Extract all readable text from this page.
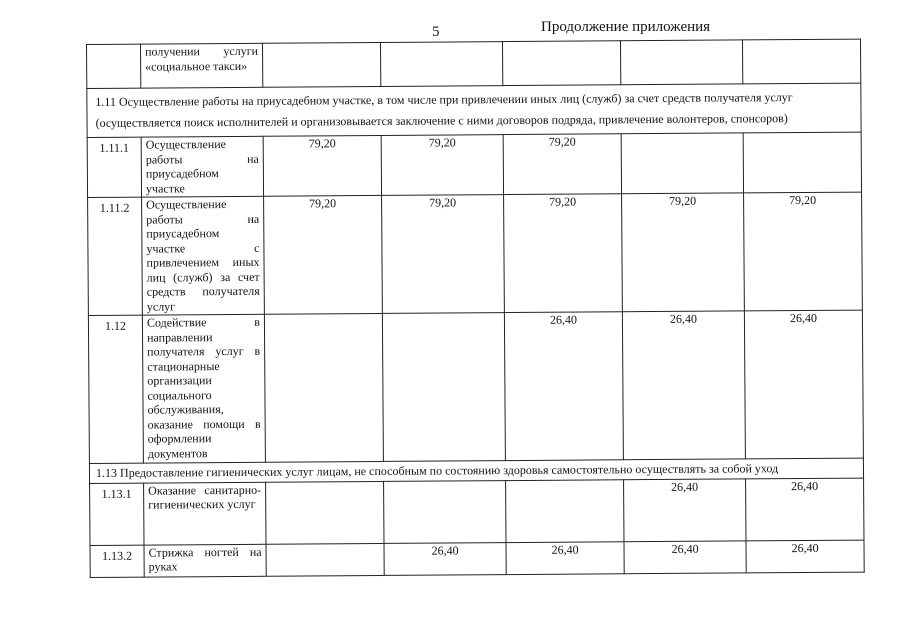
5	Продолжение приложения
	получении услуги «социальное такси»					
1.11 Осуществление работы на приусадебном участке, в том числе при привлечении иных лиц (служб) за счет средств получателя услуг (осуществляется поиск исполнителей и организовывается заключение с ними договоров подряда, привлечение волонтеров, спонсоров)						
1.11.1	Осуществление работы на приусадебном участке	79,20	79,20	79,20		
1.11.2	Осуществление работы на приусадебном участке с привлечением иных лиц (служб) за счет средств получателя услуг	79,20	79,20	79,20	79,20	79,20
1.12	Содействие в направлении получателя услуг в стационарные организации социального обслуживания, оказание помощи в оформлении документов			26,40	26,40	26,40
1.13 Предоставление гигиенических услуг лицам, не способным по состоянию здоровья самостоятельно осуществлять за собой уход						
1.13.1	Оказание санитарно-гигиенических услуг				26,40	26,40
1.13.2	Стрижка ногтей на руках		26,40	26,40	26,40	26,40
